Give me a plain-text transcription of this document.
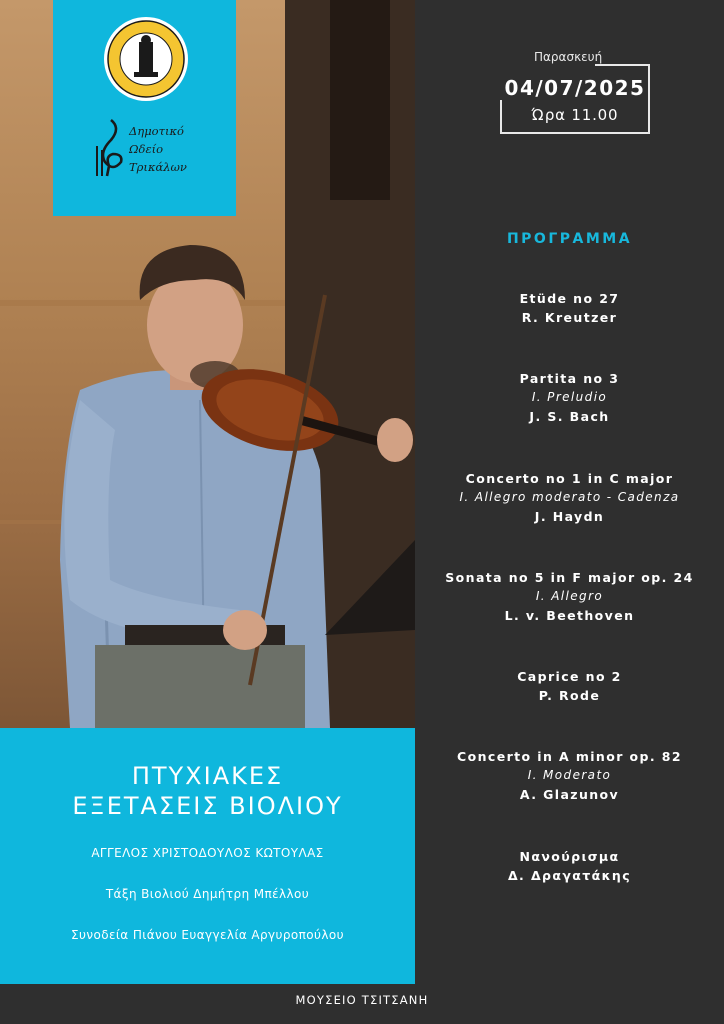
Δημοτικό
Ωδείο
Τρικάλων
Παρασκευή
04/07/2025
Ώρα 11.00
ΠΡΟΓΡΑΜΜΑ
Etüde no 27
R. Kreutzer
Partita no 3
I. Preludio
J. S. Bach
Concerto no 1 in C major
I. Allegro moderato - Cadenza
J. Haydn
Sonata no 5 in F major op. 24
I. Allegro
L. v. Beethoven
Caprice no 2
P. Rode
Concerto in A minor op. 82
I. Moderato
A. Glazunov
Νανούρισμα
Δ. Δραγατάκης
ΠΤΥΧΙΑΚΕΣ
ΕΞΕΤΑΣΕΙΣ ΒΙΟΛΙΟΥ
ΑΓΓΕΛΟΣ ΧΡΙΣΤΟΔΟΥΛΟΣ ΚΩΤΟΥΛΑΣ
Τάξη Βιολιού Δημήτρη Μπέλλου
Συνοδεία Πιάνου Ευαγγελία Αργυροπούλου
ΜΟΥΣΕΙΟ ΤΣΙΤΣΑΝΗ
